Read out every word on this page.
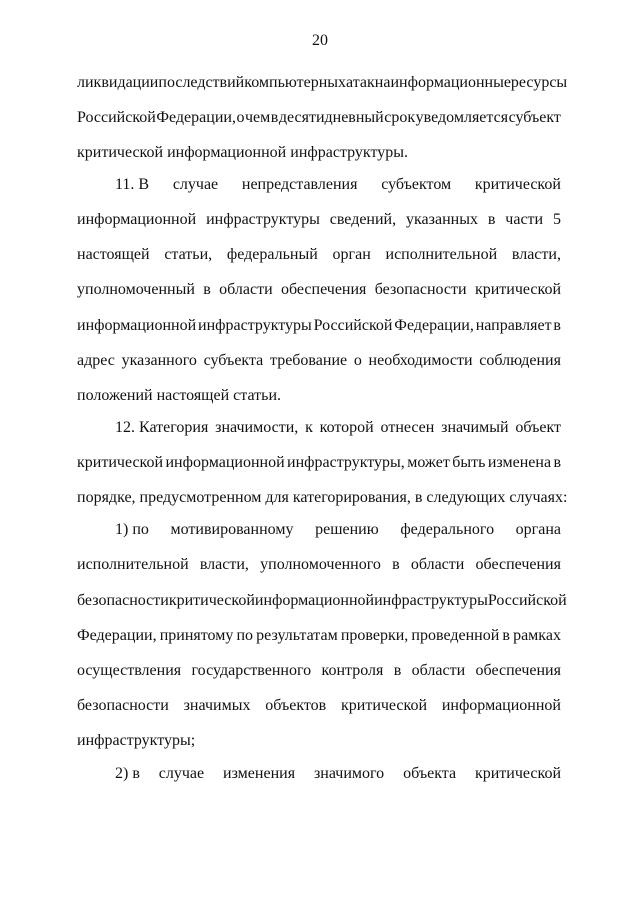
20
ликвидации последствий компьютерных атак на информационные ресурсы
Российской Федерации, о чем в десятидневный срок уведомляется субъект
критической
информационной
инфраструктуры.
11. В случае непредставления субъектом критической
информационной инфраструктуры сведений, указанных в части 5
настоящей статьи, федеральный орган исполнительной власти,
уполномоченный в области обеспечения безопасности критической
информационной инфраструктуры Российской Федерации, направляет в
адрес указанного субъекта требование о необходимости соблюдения
положений
настоящей
статьи.
12. Категория значимости, к которой отнесен значимый объект
критической информационной инфраструктуры, может быть изменена в
порядке,
предусмотренном
для
категорирования,
в
следующих
случаях:
1) по мотивированному решению федерального органа
исполнительной власти, уполномоченного в области обеспечения
безопасности критической информационной инфраструктуры Российской
Федерации, принятому по результатам проверки, проведенной в рамках
осуществления государственного контроля в области обеспечения
безопасности значимых объектов критической информационной
инфраструктуры;
2) в случае изменения значимого объекта критической
